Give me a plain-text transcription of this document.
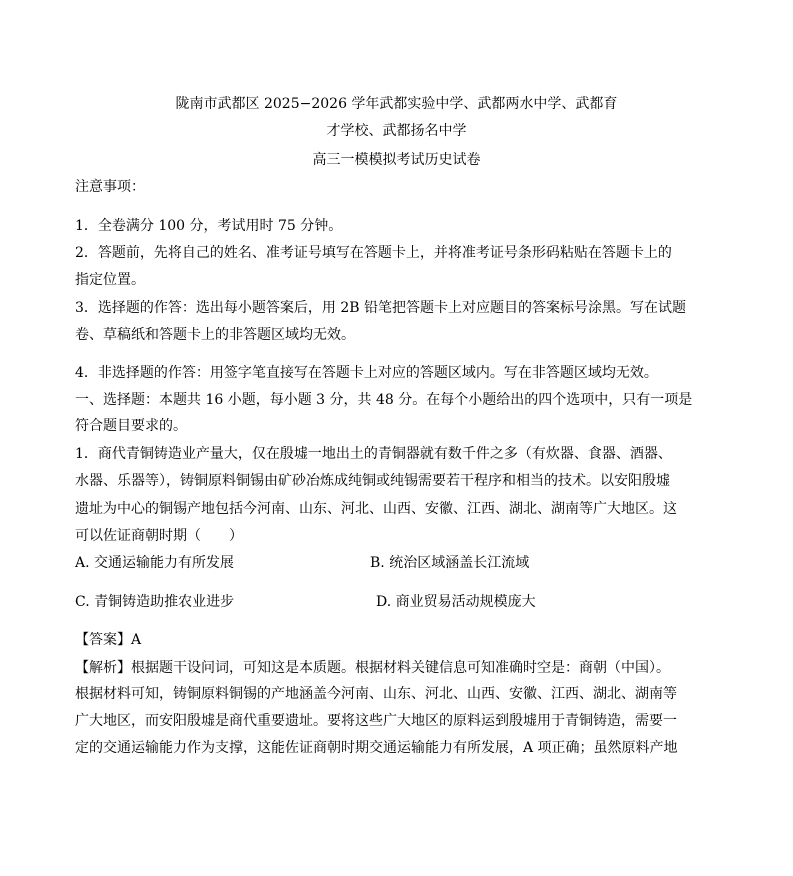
陇南市武都区 2025−2026 学年武都实验中学、武都两水中学、武都育
才学校、武都扬名中学
高三一模模拟考试历史试卷
注意事项：
1．全卷满分 100 分，考试用时 75 分钟。
2．答题前，先将自己的姓名、准考证号填写在答题卡上，并将准考证号条形码粘贴在答题卡上的
指定位置。
3．选择题的作答：选出每小题答案后，用 2B 铅笔把答题卡上对应题目的答案标号涂黑。写在试题
卷、草稿纸和答题卡上的非答题区域均无效。
4．非选择题的作答：用签字笔直接写在答题卡上对应的答题区域内。写在非答题区域均无效。
一、选择题：本题共 16 小题，每小题 3 分，共 48 分。在每个小题给出的四个选项中，只有一项是
符合题目要求的。
1．商代青铜铸造业产量大，仅在殷墟一地出土的青铜器就有数千件之多（有炊器、食器、酒器、
水器、乐器等），铸铜原料铜锡由矿砂冶炼成纯铜或纯锡需要若干程序和相当的技术。以安阳殷墟
遗址为中心的铜锡产地包括今河南、山东、河北、山西、安徽、江西、湖北、湖南等广大地区。这
可以佐证商朝时期（　　）
A. 交通运输能力有所发展	B. 统治区域涵盖长江流域
C. 青铜铸造助推农业进步	D. 商业贸易活动规模庞大
【答案】A
【解析】根据题干设问词，可知这是本质题。根据材料关键信息可知准确时空是：商朝（中国）。
根据材料可知，铸铜原料铜锡的产地涵盖今河南、山东、河北、山西、安徽、江西、湖北、湖南等
广大地区，而安阳殷墟是商代重要遗址。要将这些广大地区的原料运到殷墟用于青铜铸造，需要一
定的交通运输能力作为支撑，这能佐证商朝时期交通运输能力有所发展，A 项正确；虽然原料产地
